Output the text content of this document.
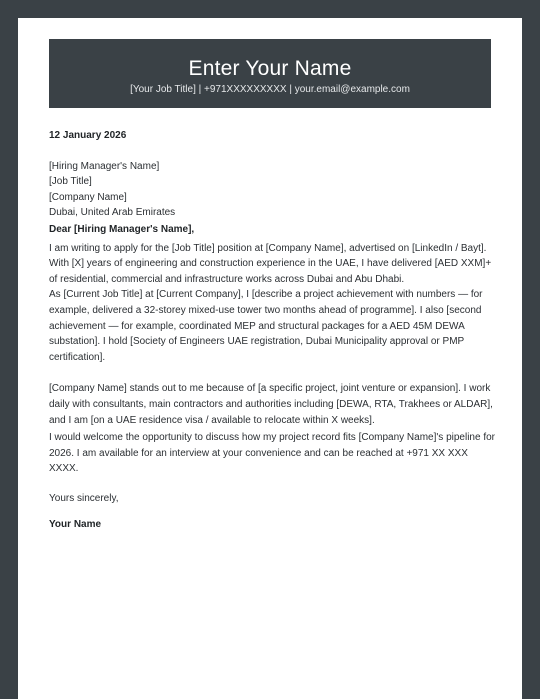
Enter Your Name
[Your Job Title] | +971XXXXXXXXX | your.email@example.com
12 January 2026
[Hiring Manager's Name]
[Job Title]
[Company Name]
Dubai, United Arab Emirates
Dear [Hiring Manager's Name],

I am writing to apply for the [Job Title] position at [Company Name], advertised on [LinkedIn / Bayt]. With [X] years of engineering and construction experience in the UAE, I have delivered [AED XXM]+ of residential, commercial and infrastructure works across Dubai and Abu Dhabi.

As [Current Job Title] at [Current Company], I [describe a project achievement with numbers — for example, delivered a 32-storey mixed-use tower two months ahead of programme]. I also [second achievement — for example, coordinated MEP and structural packages for a AED 45M DEWA substation]. I hold [Society of Engineers UAE registration, Dubai Municipality approval or PMP certification].

[Company Name] stands out to me because of [a specific project, joint venture or expansion]. I work daily with consultants, main contractors and authorities including [DEWA, RTA, Trakhees or ALDAR], and I am [on a UAE residence visa / available to relocate within X weeks].

I would welcome the opportunity to discuss how my project record fits [Company Name]'s pipeline for 2026. I am available for an interview at your convenience and can be reached at +971 XX XXX XXXX.

Yours sincerely,
Your Name
